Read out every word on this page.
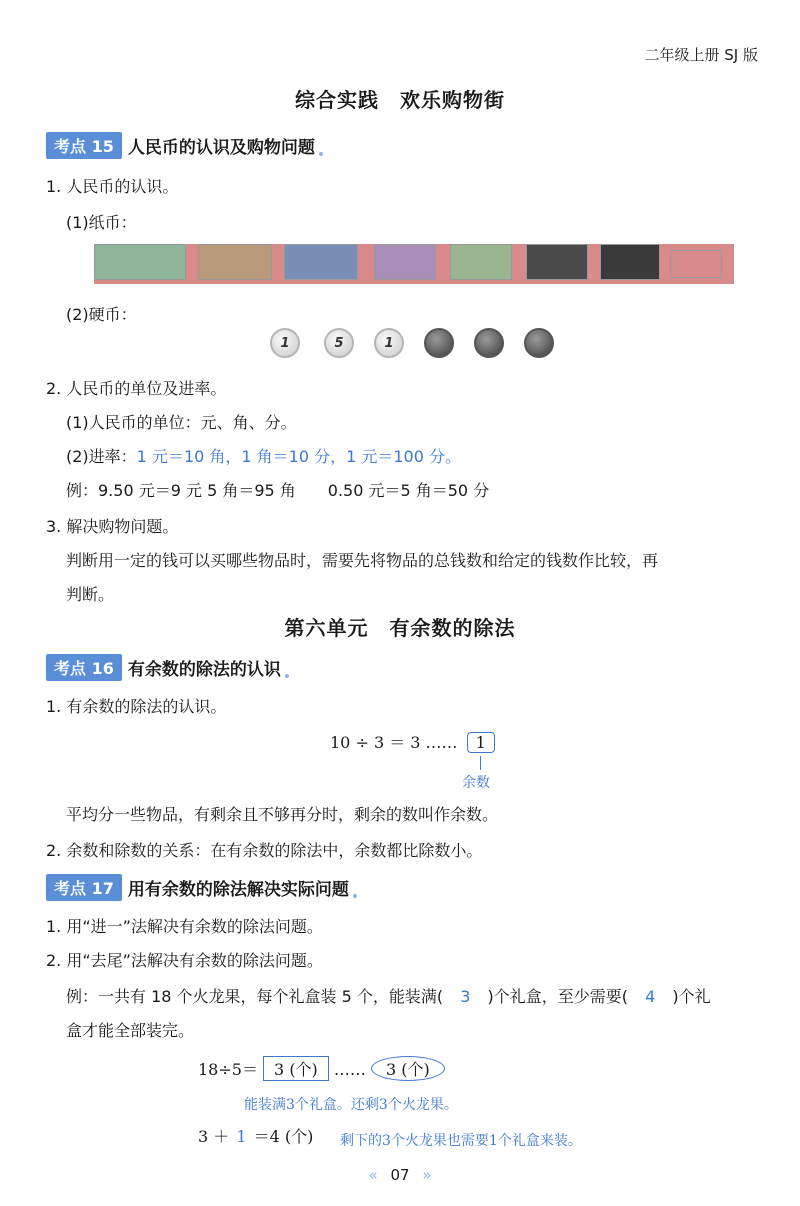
二年级上册 SJ 版
综合实践　欢乐购物街
考点 15 人民币的认识及购物问题
1. 人民币的认识。
(1)纸币：
(2)硬币：
1	5	1
2. 人民币的单位及进率。
(1)人民币的单位：元、角、分。
(2)进率：1 元＝10 角，1 角＝10 分，1 元＝100 分。
例：9.50 元＝9 元 5 角＝95 角　　0.50 元＝5 角＝50 分
3. 解决购物问题。
判断用一定的钱可以买哪些物品时，需要先将物品的总钱数和给定的钱数作比较，再
判断。
第六单元　有余数的除法
考点 16 有余数的除法的认识
1. 有余数的除法的认识。
10 ÷ 3 ＝ 3 …… 1
余数
平均分一些物品，有剩余且不够再分时，剩余的数叫作余数。
2. 余数和除数的关系：在有余数的除法中，余数都比除数小。
考点 17 用有余数的除法解决实际问题
1. 用“进一”法解决有余数的除法问题。
2. 用“去尾”法解决有余数的除法问题。
例：一共有 18 个火龙果，每个礼盒装 5 个，能装满( 3 )个礼盒，至少需要( 4 )个礼
盒才能全部装完。
18÷5＝ 3 (个) …… 3 (个)
能装满3个礼盒。还剩3个火龙果。
3 ＋ 1 ＝4 (个) 剩下的3个火龙果也需要1个礼盒来装。
« 07 »
